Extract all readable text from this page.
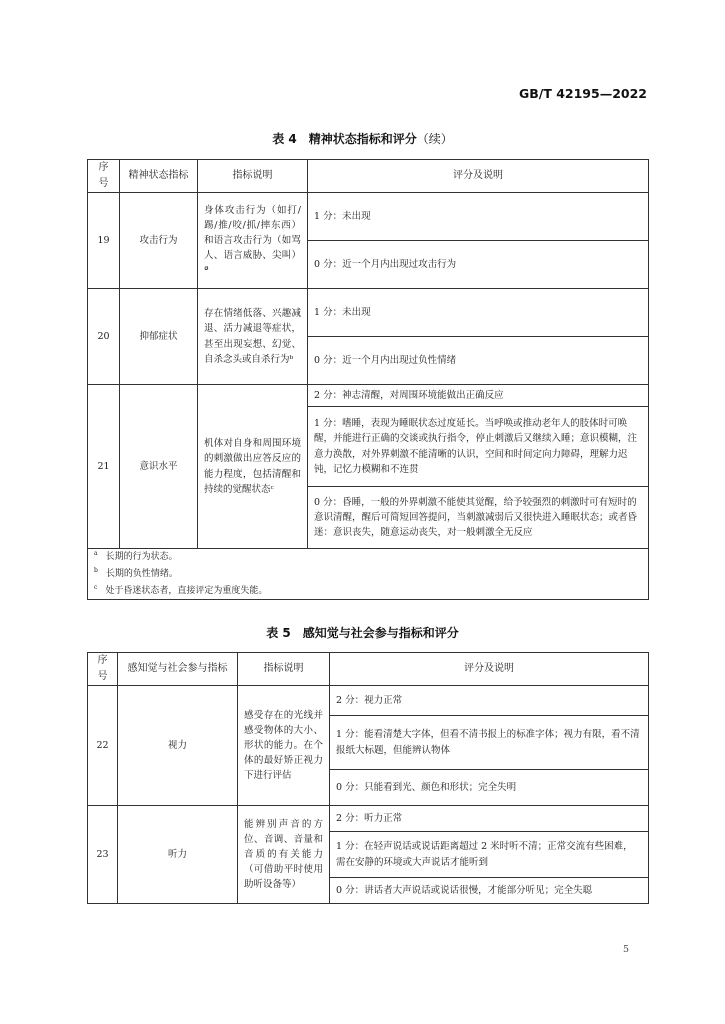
GB/T 42195—2022
表 4　精神状态指标和评分（续）
序号	精神状态指标	指标说明	评分及说明
19	攻击行为	身体攻击行为（如打/踢/推/咬/抓/摔东西）和语言攻击行为（如骂人、语言威胁、尖叫）ª	1 分：未出现
			0 分：近一个月内出现过攻击行为
20	抑郁症状	存在情绪低落、兴趣减退、活力减退等症状，甚至出现妄想、幻觉、自杀念头或自杀行为ᵇ	1 分：未出现
			0 分：近一个月内出现过负性情绪
21	意识水平	机体对自身和周围环境的刺激做出应答反应的能力程度，包括清醒和持续的觉醒状态ᶜ	2 分：神志清醒，对周围环境能做出正确反应
			1 分：嗜睡，表现为睡眠状态过度延长。当呼唤或推动老年人的肢体时可唤醒，并能进行正确的交谈或执行指令，停止刺激后又继续入睡；意识模糊，注意力涣散，对外界刺激不能清晰的认识，空间和时间定向力障碍，理解力迟钝，记忆力模糊和不连贯
			0 分：昏睡，一般的外界刺激不能使其觉醒，给予较强烈的刺激时可有短时的意识清醒，醒后可简短回答提问，当刺激减弱后又很快进入睡眠状态；或者昏迷：意识丧失，随意运动丧失，对一般刺激全无反应

$^a$ 长期的行为状态。
$^b$ 长期的负性情绪。
$^c$ 处于昏迷状态者，直接评定为重度失能。			
表 5　感知觉与社会参与指标和评分
序号	感知觉与社会参与指标	指标说明	评分及说明
22	视力	感受存在的光线并感受物体的大小、形状的能力。在个体的最好矫正视力下进行评估	2 分：视力正常
			1 分：能看清楚大字体，但看不清书报上的标准字体；视力有限，看不清报纸大标题，但能辨认物体
			0 分：只能看到光、颜色和形状；完全失明
23	听力	能辨别声音的方位、音调、音量和音质的有关能力（可借助平时使用助听设备等）	2 分：听力正常
			1 分：在轻声说话或说话距离超过 2 米时听不清；正常交流有些困难，需在安静的环境或大声说话才能听到
			0 分：讲话者大声说话或说话很慢，才能部分听见；完全失聪
5
